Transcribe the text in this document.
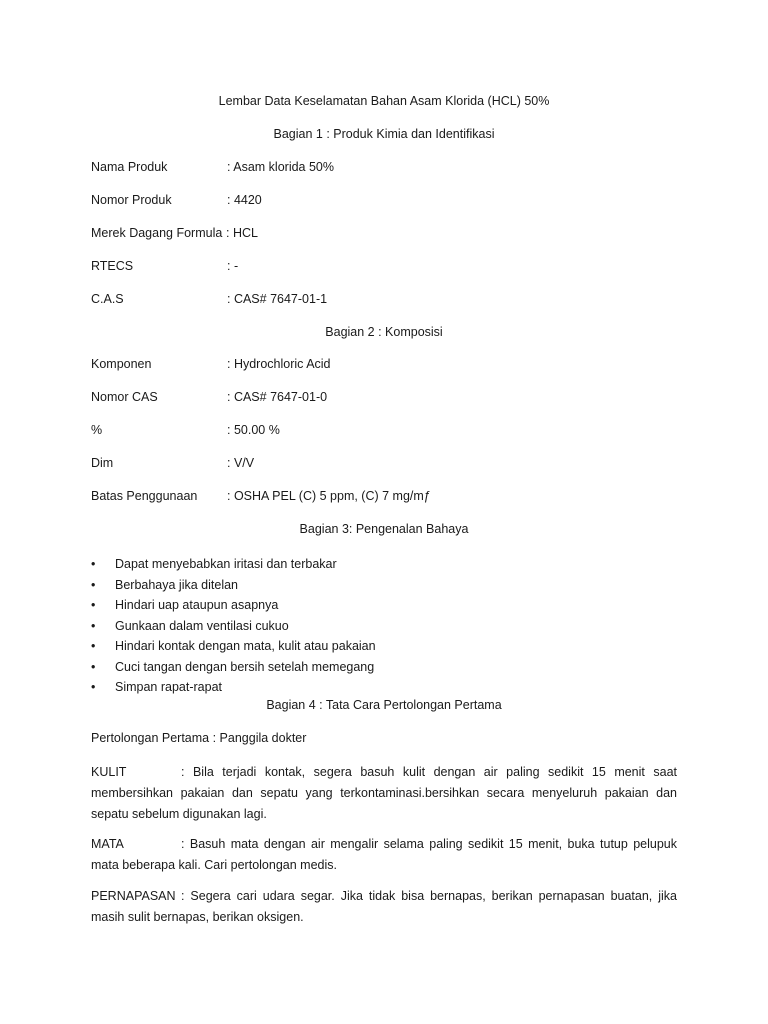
Lembar Data Keselamatan Bahan Asam Klorida (HCL) 50%
Bagian 1 : Produk Kimia dan Identifikasi
Nama Produk	: Asam klorida 50%
Nomor Produk	: 4420
Merek Dagang Formula : HCL
RTECS	: -
C.A.S	: CAS# 7647-01-1
Bagian 2 : Komposisi
Komponen	: Hydrochloric Acid
Nomor CAS	: CAS# 7647-01-0
%	: 50.00 %
Dim	: V/V
Batas Penggunaan : OSHA PEL (C) 5 ppm, (C) 7 mg/mƒ
Bagian 3: Pengenalan Bahaya
• Dapat menyebabkan iritasi dan terbakar
• Berbahaya jika ditelan
• Hindari uap ataupun asapnya
• Gunkaan dalam ventilasi cukuo
• Hindari kontak dengan mata, kulit atau pakaian
• Cuci tangan dengan bersih setelah memegang
• Simpan rapat-rapat
Bagian 4 : Tata Cara Pertolongan Pertama
Pertolongan Pertama : Panggila dokter
KULIT	: Bila terjadi kontak, segera basuh kulit dengan air paling sedikit 15 menit saat membersihkan pakaian dan sepatu yang terkontaminasi.bersihkan secara menyeluruh pakaian dan sepatu sebelum digunakan lagi.
MATA	: Basuh mata dengan air mengalir selama paling sedikit 15 menit, buka tutup pelupuk mata beberapa kali. Cari pertolongan medis.
PERNAPASAN : Segera cari udara segar. Jika tidak bisa bernapas, berikan pernapasan buatan, jika masih sulit bernapas, berikan oksigen.
